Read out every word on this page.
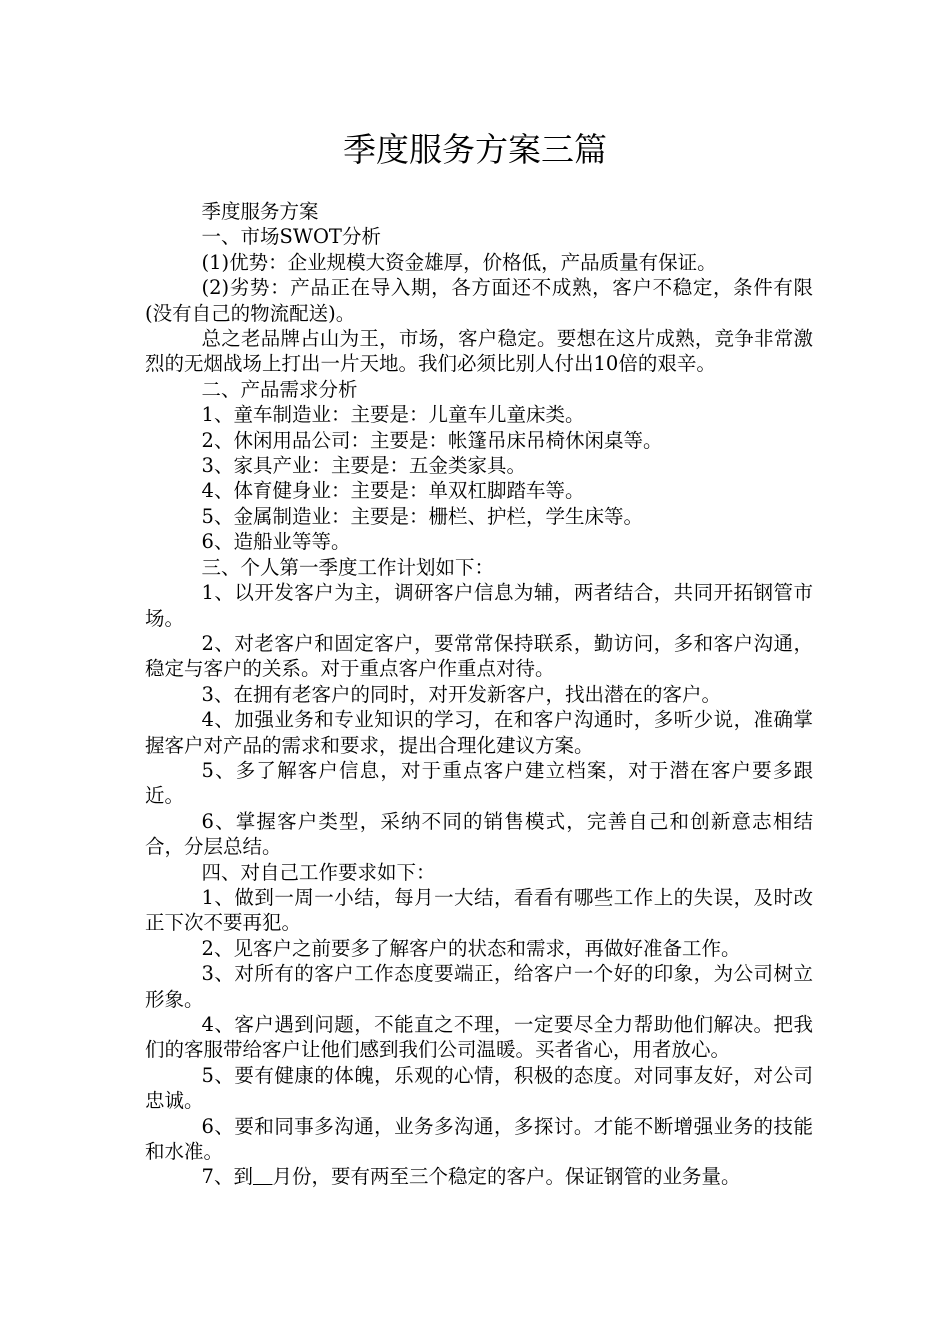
季度服务方案三篇

季度服务方案

一、市场SWOT分析

(1)优势：企业规模大资金雄厚，价格低，产品质量有保证。

(2)劣势：产品正在导入期，各方面还不成熟，客户不稳定，条件有限(没有自己的物流配送)。

总之老品牌占山为王，市场，客户稳定。要想在这片成熟，竞争非常激烈的无烟战场上打出一片天地。我们必须比别人付出10倍的艰辛。

二、产品需求分析

1、童车制造业：主要是：儿童车儿童床类。

2、休闲用品公司：主要是：帐篷吊床吊椅休闲桌等。

3、家具产业：主要是：五金类家具。

4、体育健身业：主要是：单双杠脚踏车等。

5、金属制造业：主要是：栅栏、护栏，学生床等。

6、造船业等等。

三、个人第一季度工作计划如下：

1、以开发客户为主，调研客户信息为辅，两者结合，共同开拓钢管市场。

2、对老客户和固定客户，要常常保持联系，勤访问，多和客户沟通，稳定与客户的关系。对于重点客户作重点对待。

3、在拥有老客户的同时，对开发新客户，找出潜在的客户。

4、加强业务和专业知识的学习，在和客户沟通时，多听少说，准确掌握客户对产品的需求和要求，提出合理化建议方案。

5、多了解客户信息，对于重点客户建立档案，对于潜在客户要多跟近。

6、掌握客户类型，采纳不同的销售模式，完善自己和创新意志相结合，分层总结。

四、对自己工作要求如下：

1、做到一周一小结，每月一大结，看看有哪些工作上的失误，及时改正下次不要再犯。

2、见客户之前要多了解客户的状态和需求，再做好准备工作。

3、对所有的客户工作态度要端正，给客户一个好的印象，为公司树立形象。

4、客户遇到问题，不能直之不理，一定要尽全力帮助他们解决。把我们的客服带给客户让他们感到我们公司温暖。买者省心，用者放心。

5、要有健康的体魄，乐观的心情，积极的态度。对同事友好，对公司忠诚。

6、要和同事多沟通，业务多沟通，多探讨。才能不断增强业务的技能和水准。

7、到　 月份，要有两至三个稳定的客户。保证钢管的业务量。
